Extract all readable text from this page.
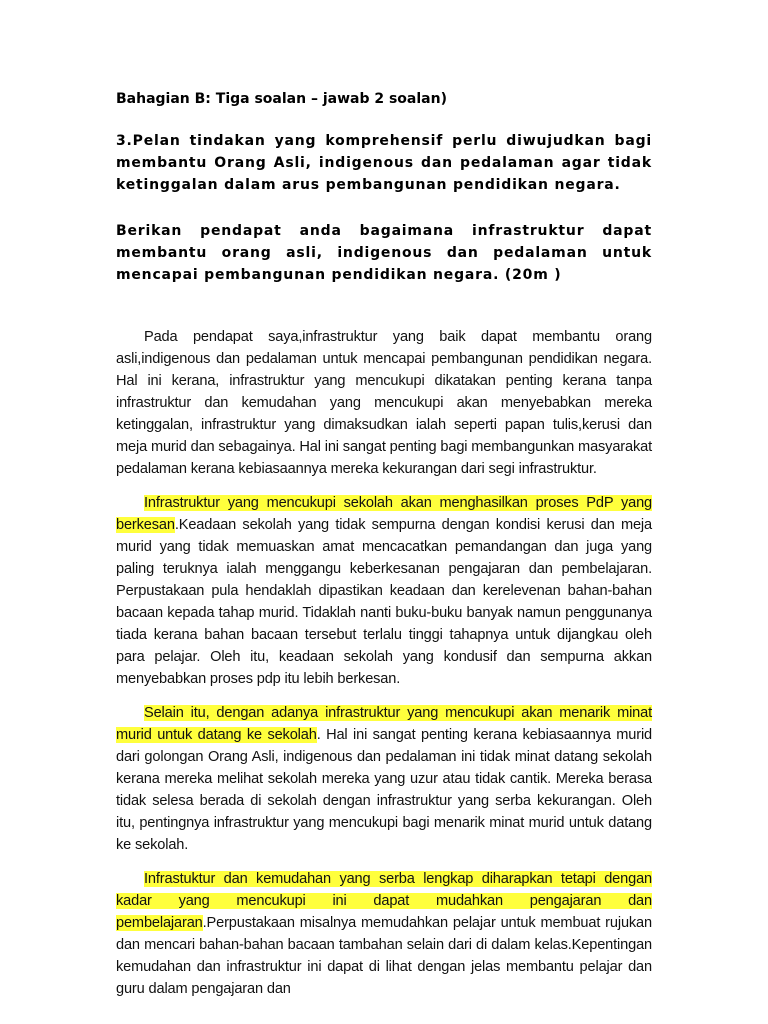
Bahagian B: Tiga soalan – jawab 2 soalan)

3.Pelan tindakan yang komprehensif perlu diwujudkan bagi membantu Orang Asli, indigenous dan pedalaman agar tidak ketinggalan dalam arus pembangunan pendidikan negara.

Berikan pendapat anda bagaimana infrastruktur dapat membantu orang asli, indigenous dan pedalaman untuk mencapai pembangunan pendidikan negara. (20m )

Pada pendapat saya,infrastruktur yang baik dapat membantu orang asli,indigenous dan pedalaman untuk mencapai pembangunan pendidikan negara. Hal ini kerana, infrastruktur yang mencukupi dikatakan penting kerana tanpa infrastruktur dan kemudahan yang mencukupi akan menyebabkan mereka ketinggalan, infrastruktur yang dimaksudkan ialah seperti papan tulis,kerusi dan meja murid dan sebagainya. Hal ini sangat penting bagi membangunkan masyarakat pedalaman kerana kebiasaannya mereka kekurangan dari segi infrastruktur.

Infrastruktur yang mencukupi sekolah akan menghasilkan proses PdP yang berkesan.Keadaan sekolah yang tidak sempurna dengan kondisi kerusi dan meja murid yang tidak memuaskan amat mencacatkan pemandangan dan juga yang paling teruknya ialah menggangu keberkesanan pengajaran dan pembelajaran. Perpustakaan pula hendaklah dipastikan keadaan dan kerelevenan bahan-bahan bacaan kepada tahap murid. Tidaklah nanti buku-buku banyak namun penggunanya tiada kerana bahan bacaan tersebut terlalu tinggi tahapnya untuk dijangkau oleh para pelajar. Oleh itu, keadaan sekolah yang kondusif dan sempurna akkan menyebabkan proses pdp itu lebih berkesan.

Selain itu, dengan adanya infrastruktur yang mencukupi akan menarik minat murid untuk datang ke sekolah. Hal ini sangat penting kerana kebiasaannya murid dari golongan Orang Asli, indigenous dan pedalaman ini tidak minat datang sekolah kerana mereka melihat sekolah mereka yang uzur atau tidak cantik. Mereka berasa tidak selesa berada di sekolah dengan infrastruktur yang serba kekurangan. Oleh itu, pentingnya infrastruktur yang mencukupi bagi menarik minat murid untuk datang ke sekolah.

Infrastuktur dan kemudahan yang serba lengkap diharapkan tetapi dengan kadar yang mencukupi ini dapat mudahkan pengajaran dan pembelajaran.Perpustakaan misalnya memudahkan pelajar untuk membuat rujukan dan mencari bahan-bahan bacaan tambahan selain dari di dalam kelas.Kepentingan kemudahan dan infrastruktur ini dapat di lihat dengan jelas membantu pelajar dan guru dalam pengajaran dan
